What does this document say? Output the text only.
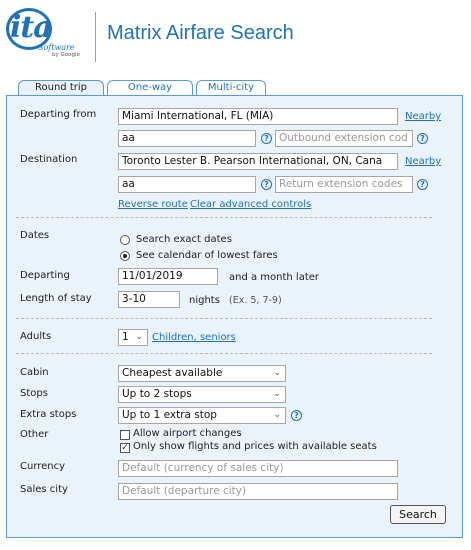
ita
Software
by Google
Matrix Airfare Search
Round trip	One-way	Multi-city
Departing from	Miami International, FL (MIA)	Nearby
aa	? Outbound extension cod	?
Destination	Toronto Lester B. Pearson International, ON, Cana	Nearby
aa	? Return extension codes	?
Reverse route Clear advanced controls
Dates	Search exact dates
See calendar of lowest fares
Departing	11/01/2019	and a month later
Length of stay	3-10	nights (Ex. 5, 7-9)
Adults	1 ⌄ Children, seniors
Cabin	Cheapest available	⌄
Stops	Up to 2 stops	⌄
Extra stops	Up to 1 extra stop	⌄	?
Other	Allow airport changes
✓ Only show flights and prices with available seats
Currency	Default (currency of sales city)
Sales city	Default (departure city)
Search
